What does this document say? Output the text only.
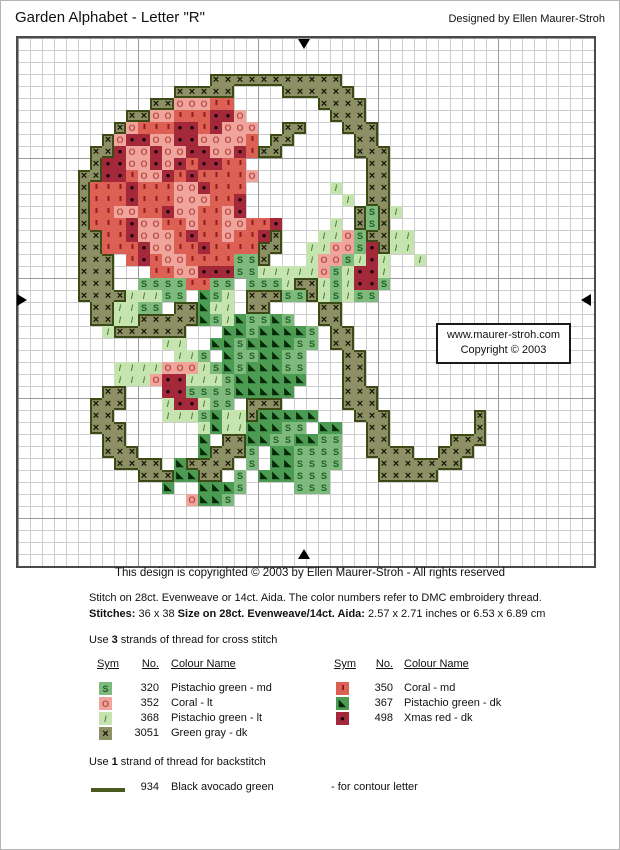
Garden Alphabet - Letter "R"	Designed by Ellen Maurer-Stroh
× × × × × × × × × × ×
× × × × ×	× × × × × ×
× × O O O	II	II	× × × ×
× × O O	II	II	II	● ● O	× × ×
× O	II	II	II	● ●	II	● O O O	× ×	× × ×
× O ● ● O O ● ● O O O O	II	× ×	× ×
× × ● O O ● O O ● ● O O ●	II × ×	× × ×
× ● ● O O ● O ●	II	● ●	II	II	× ×
× × ● ●	II O O ●	II	●	II	II	II	II O	× ×
×	II	II	II	●	II	II	II O O ●	II	II	II	/	× ×
×	II	II	II	●	II	II	II O O O	II	II	●	/	× ×
×	II	II O O	II	II	● O O	II	II O ●	× S × /
×	II	II	II	● O O	II	II O	II	II O O	II	II	●	/	× S ×
× ×	II	II	● O O O	II	●	II	II O	II	II	● ×	/	/ O S × × /	/
× ×	II	II	II	● O O	II	II	●	II	II	II	II × ×	/	/ O O S ● × /	/
× × ×	II	●	II O O	II	II	II	II S S ×	/ O O S /	● /	/
× × ×	II	II O O ● ● ● S S /	/	/	/	/ O S /	● ● /
× × ×	S S S S	II	II S S	S S S / × × / S /	● ● S
× × × × /	/	/ S S	◣ S /	× × × S S × / S / S S
× × /	/ S S × × ◣ /	/	× ×	× ×
× × /	/ × × × × × ◣ S / ◣ S S ◣ S	× ×
/ × × × × × ×	◣ ◣ S ◣ ◣ ◣ ◣ S × ×
/	/	◣ ◣ S ◣ ◣ ◣ ◣ S S × ×
/	/ S	◣ S S ◣ ◣ S S	× ×
/	/	/	/ O O O / S ◣ S ◣ ◣ ◣ S S	× ×
/	/	/ O ● ● /	/	/ S ◣ ◣ ◣ ◣ ◣ ◣	× ×
× ×	● ● S S S S ◣ ◣ ◣ ◣ ◣	× × ×
× × ×	/	● ● / S S × × ×	× × ×
× ×	/	/	/ S ◣ /	/ × ◣ ◣ ◣ ◣ ◣	× × ×	×
× × ×	/ ◣ /	/ ◣ ◣ ◣ S S	◣ ◣	× ×	×
× ×	◣ × × ◣ ◣ S S ◣ ◣ S S	× ×	× × ×
× × ×	◣ × × × S	◣ ◣ S S S S	× × × ×	× × ×
× × × × ◣ × × × ×	S	◣ ◣ S S S S	× × × × × × ×
× × × ◣ ◣ × ×	S	◣ ◣ ◣ S S S	× × × × ×
◣	◣ ◣ ◣ S	S S S
O ◣ ◣ S
www.maurer-stroh.com
Copyright © 2003
This design is copyrighted © 2003 by Ellen Maurer-Stroh - All rights reserved
Stitch on 28ct. Evenweave or 14ct. Aida. The color numbers refer to DMC embroidery thread.
Stitches: 36 x 38 Size on 28ct. Evenweave/14ct. Aida: 2.57 x 2.71 inches or 6.53 x 6.89 cm
Use 3 strands of thread for cross stitch
Sym	No. Colour Name
S	320 Pistachio green - md
O	352 Coral - lt
/	368 Pistachio green - lt
×	3051 Green gray - dk
Sym	No. Colour Name
II	350 Coral - md
◣	367 Pistachio green - dk
●	498 Xmas red - dk
Use 1 strand of thread for backstitch
934 Black avocado green	- for contour letter
